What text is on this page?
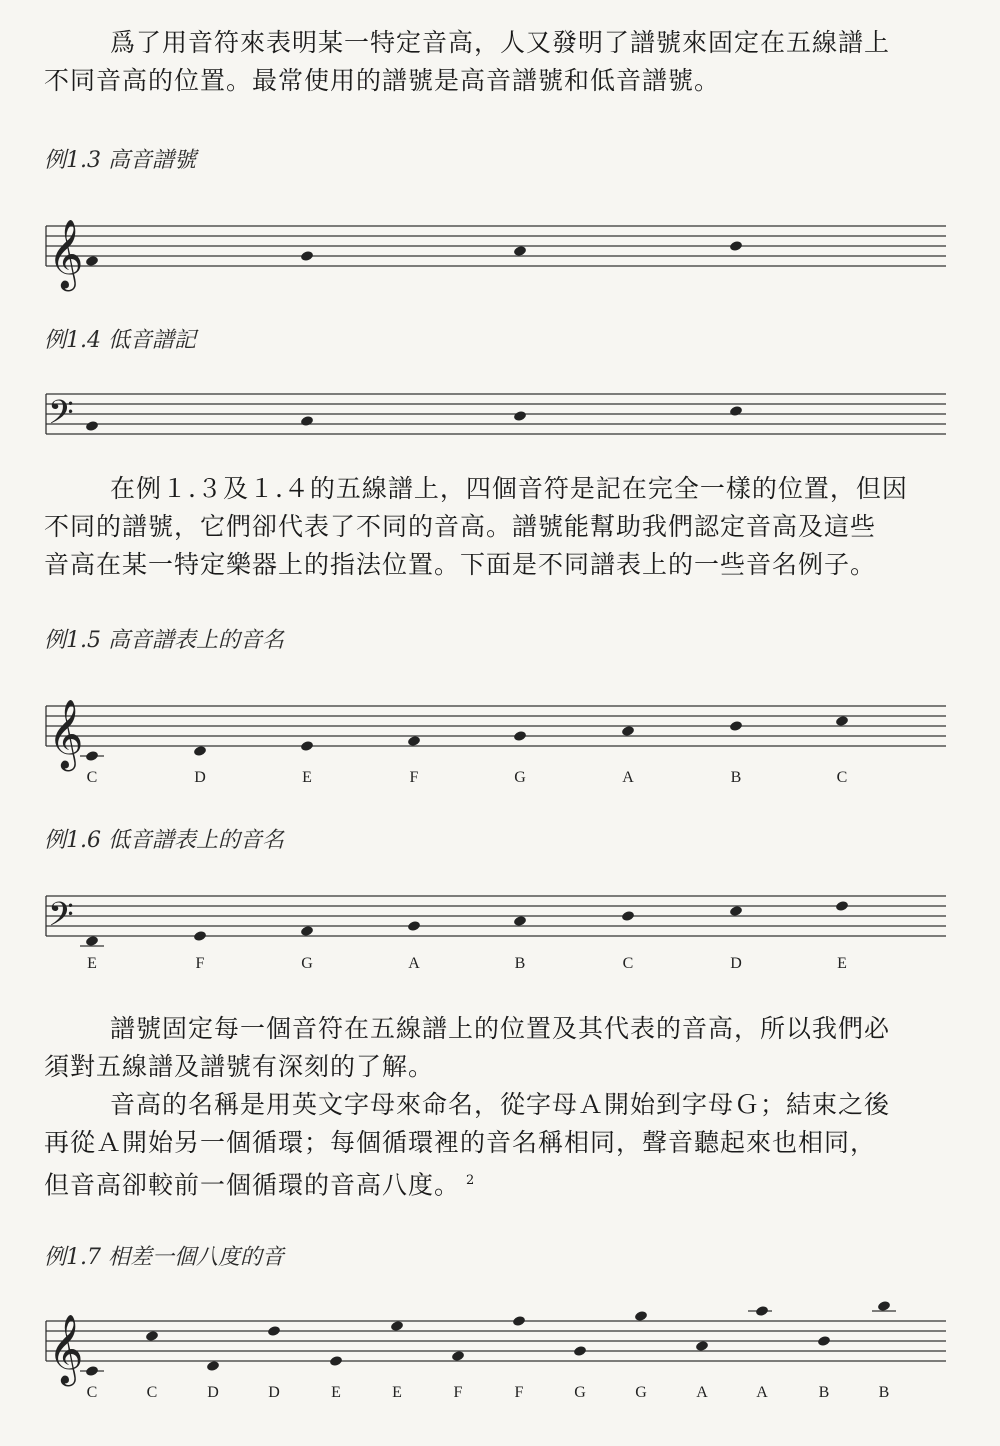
爲了用音符來表明某一特定音高，人又發明了譜號來固定在五線譜上
不同音高的位置。最常使用的譜號是高音譜號和低音譜號。

例1.3 高音譜號
𝄞
例1.4 低音譜記
𝄢

在例１.３及１.４的五線譜上，四個音符是記在完全一樣的位置，但因
不同的譜號，它們卻代表了不同的音高。譜號能幫助我們認定音高及這些
音高在某一特定樂器上的指法位置。下面是不同譜表上的一些音名例子。

例1.5 高音譜表上的音名
𝄞
C	D	E	F	G	A	B	C
例1.6 低音譜表上的音名
𝄢
E	F	G	A	B	C	D	E

譜號固定每一個音符在五線譜上的位置及其代表的音高，所以我們必
須對五線譜及譜號有深刻的了解。

音高的名稱是用英文字母來命名，從字母Ａ開始到字母Ｇ；結束之後
再從Ａ開始另一個循環；每個循環裡的音名稱相同，聲音聽起來也相同，
但音高卻較前一個循環的音高八度。 $^2$

例1.7 相差一個八度的音
𝄞
C	C	D	D	E	E	F	F	G	G	A	A	B	B
